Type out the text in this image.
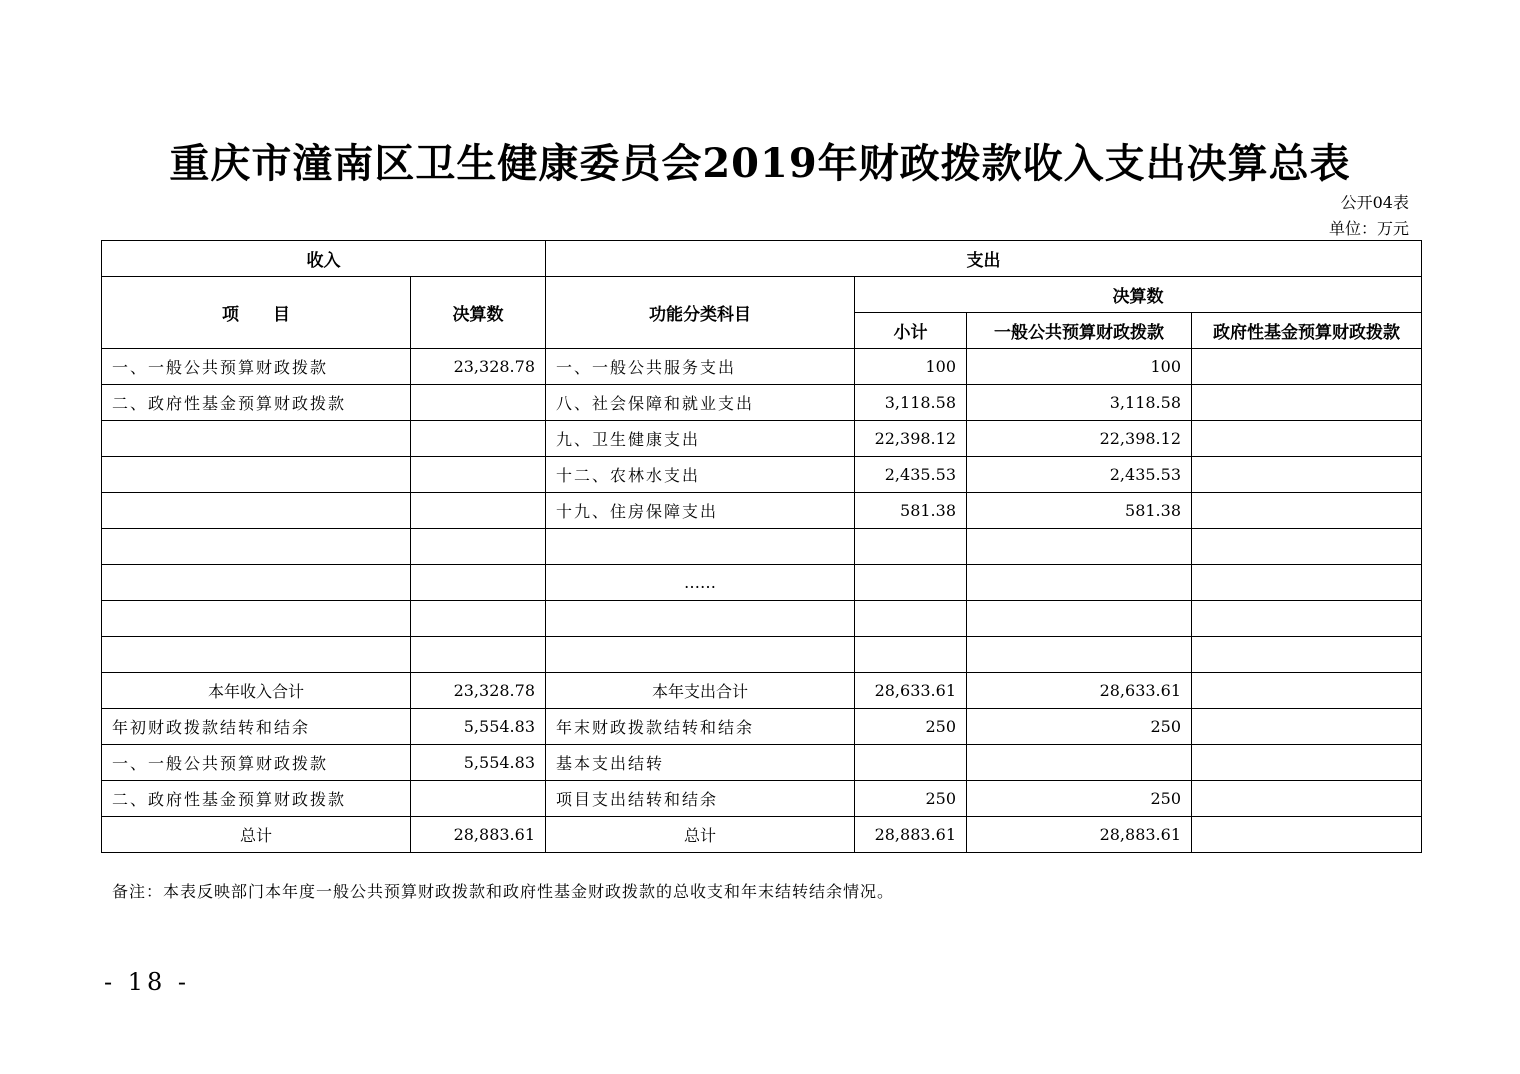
重庆市潼南区卫生健康委员会2019年财政拨款收入支出决算总表
公开04表
单位：万元
收入		支出			
项　　目	决算数	功能分类科目	决算数		
			小计	一般公共预算财政拨款	政府性基金预算财政拨款
一、一般公共预算财政拨款	23,328.78	一、一般公共服务支出	100	100	
二、政府性基金预算财政拨款		八、社会保障和就业支出	3,118.58	3,118.58	
		九、卫生健康支出	22,398.12	22,398.12	
		十二、农林水支出	2,435.53	2,435.53	
		十九、住房保障支出	581.38	581.38	

		……			

本年收入合计	23,328.78	本年支出合计	28,633.61	28,633.61	
年初财政拨款结转和结余	5,554.83	年末财政拨款结转和结余	250	250	
一、一般公共预算财政拨款	5,554.83	基本支出结转			
二、政府性基金预算财政拨款		项目支出结转和结余	250	250	
总计	28,883.61	总计	28,883.61	28,883.61	
备注：本表反映部门本年度一般公共预算财政拨款和政府性基金财政拨款的总收支和年末结转结余情况。
- 18 -
